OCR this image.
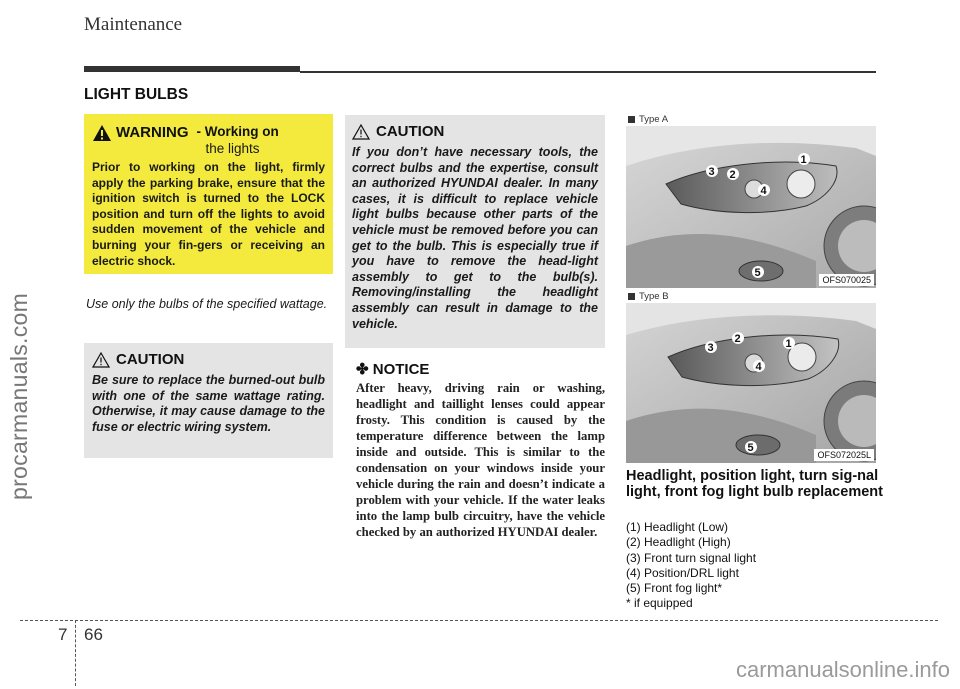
Maintenance
procarmanuals.com
carmanualsonline.info
LIGHT BULBS
WARNING - Working on
the lights
Prior to working on the light, firmly apply the parking brake, ensure that the ignition switch is turned to the LOCK position and turn off the lights to avoid sudden movement of the vehicle and burning your fin-gers or receiving an electric shock.
Use only the bulbs of the specified wattage.
CAUTION
Be sure to replace the burned-out bulb with one of the same wattage rating. Otherwise, it may cause damage to the fuse or electric wiring system.
CAUTION
If you don’t have necessary tools, the correct bulbs and the expertise, consult an authorized HYUNDAI dealer. In many cases, it is difficult to replace vehicle light bulbs because other parts of the vehicle must be removed before you can get to the bulb. This is especially true if you have to remove the head-light assembly to get to the bulb(s). Removing/installing the headlight assembly can result in damage to the vehicle.
✤ NOTICE
After heavy, driving rain or washing, headlight and taillight lenses could appear frosty. This condition is caused by the temperature difference between the lamp inside and outside. This is similar to the condensation on your windows inside your vehicle during the rain and doesn’t indicate a problem with your vehicle. If the water leaks into the lamp bulb circuitry, have the vehicle checked by an authorized HYUNDAI dealer.
Type A
1
2
3
4
5
OFS070025
Type B
1
2
3
4
5
OFS072025L
Headlight, position light, turn sig-nal light, front fog light bulb replacement
(1) Headlight (Low)
(2) Headlight (High)
(3) Front turn signal light
(4) Position/DRL light
(5) Front fog light*
* if equipped
7 66
